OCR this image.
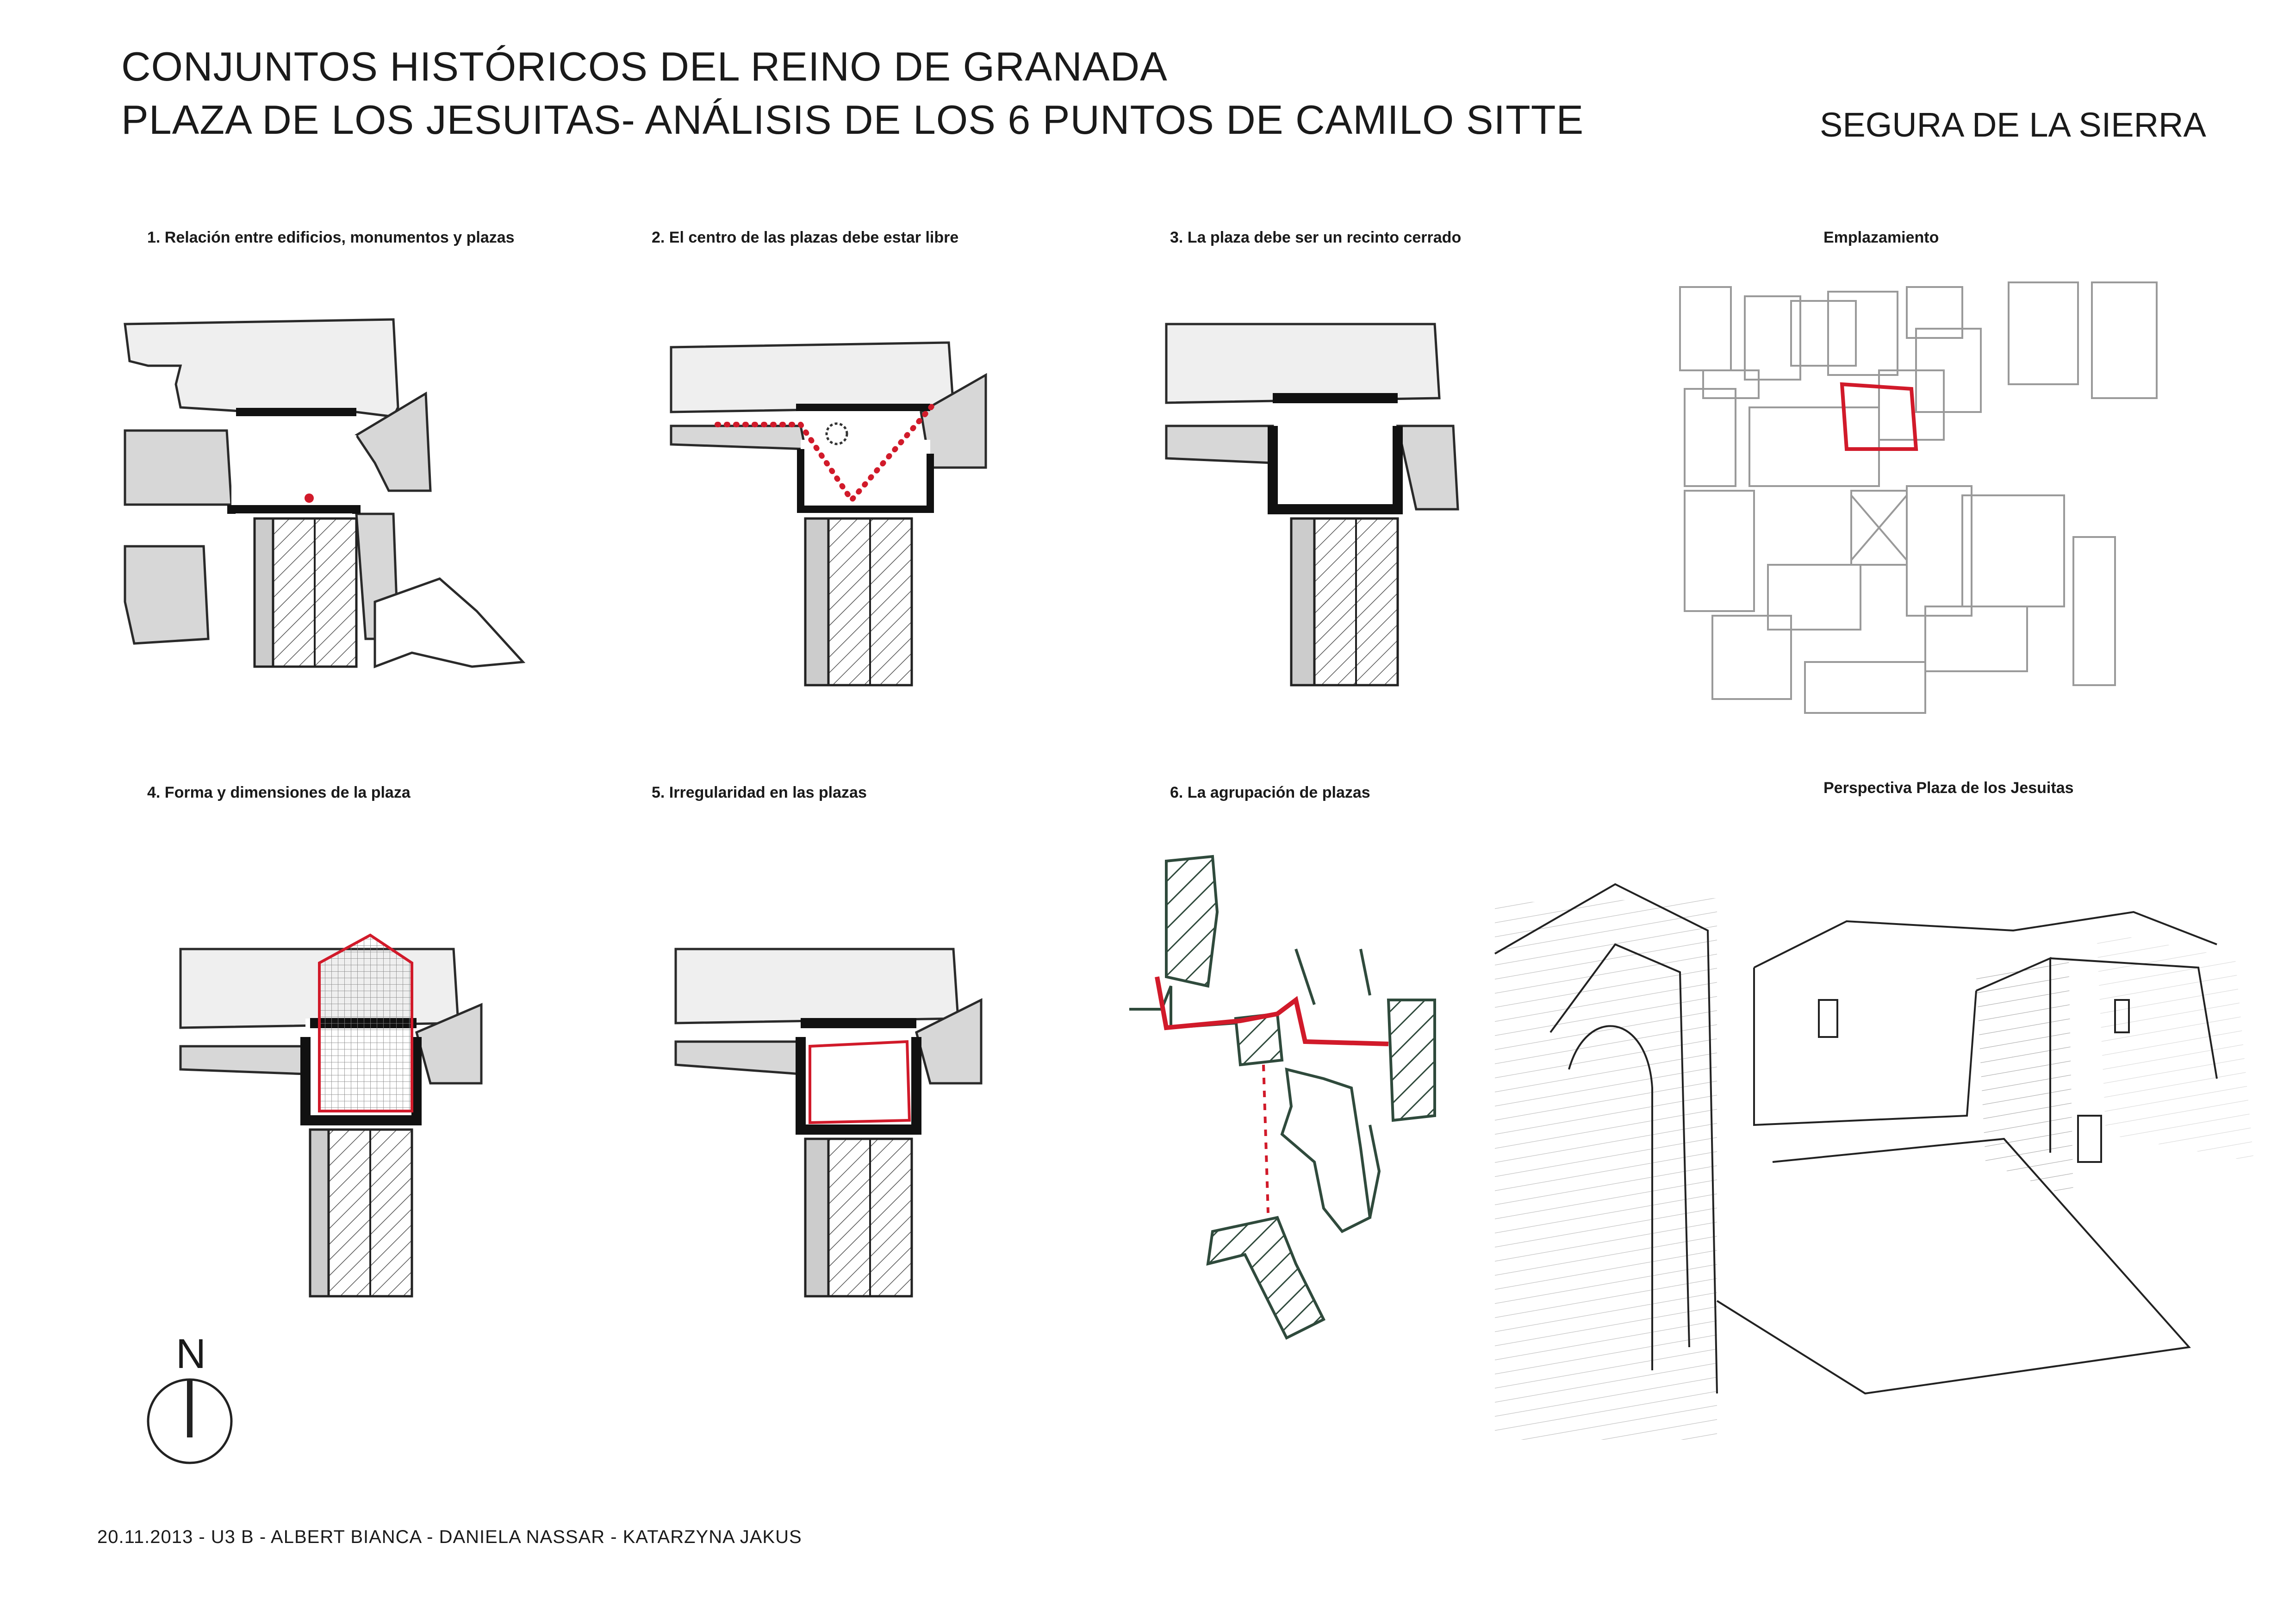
CONJUNTOS HISTÓRICOS DEL REINO DE GRANADA
PLAZA DE LOS JESUITAS- ANÁLISIS DE LOS 6 PUNTOS DE CAMILO SITTE	SEGURA DE LA SIERRA
1. Relación entre edificios, monumentos y plazas	2. El centro de las plazas debe estar libre	3. La plaza debe ser un recinto cerrado	Emplazamiento
4. Forma y dimensiones de la plaza	5. Irregularidad en las plazas	6. La agrupación de plazas	Perspectiva Plaza de los Jesuitas
N
20.11.2013 - U3 B - ALBERT BIANCA - DANIELA NASSAR - KATARZYNA JAKUS
